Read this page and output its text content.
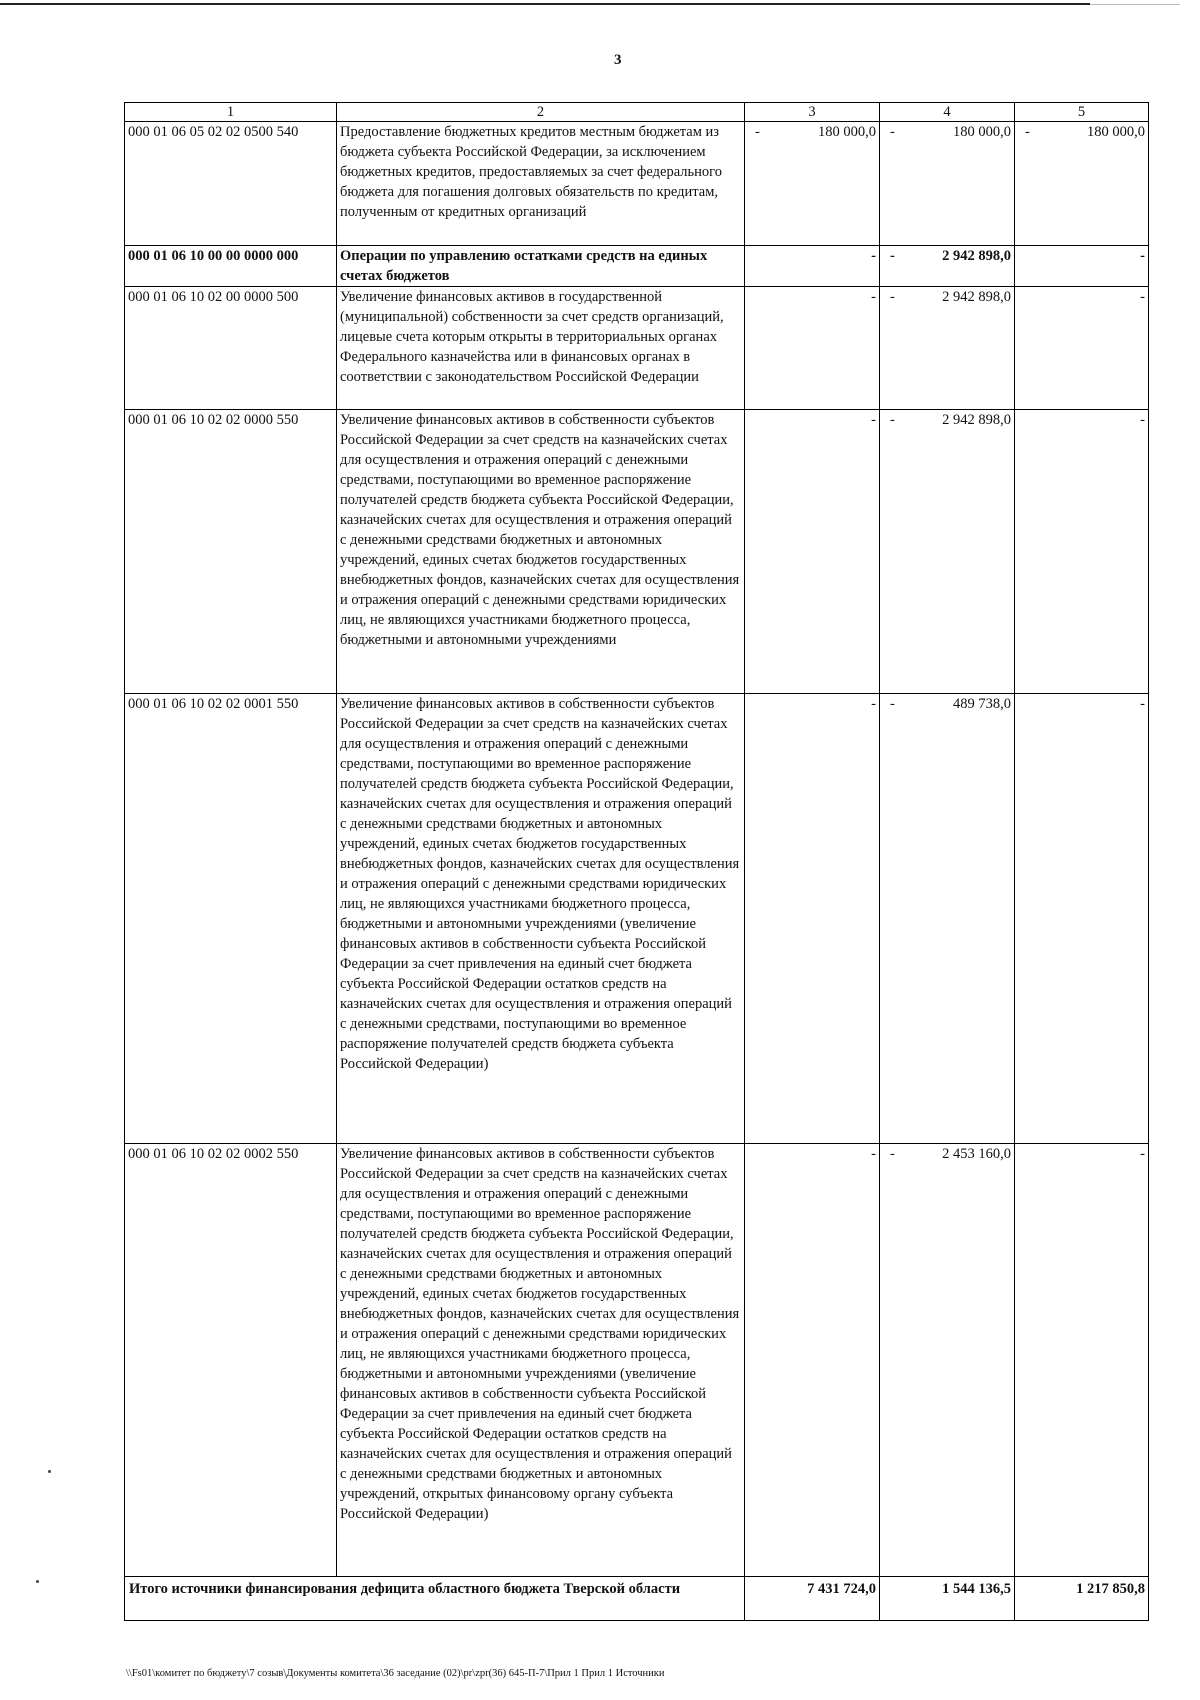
3
1	2	3	4	5
000 01 06 05 02 02 0500 540	Предоставление бюджетных кредитов местным бюджетам из бюджета субъекта Российской Федерации, за исключением бюджетных кредитов, предоставляемых за счет федерального бюджета для погашения долговых обязательств по кредитам, полученным от кредитных организаций	- 180 000,0	- 180 000,0	- 180 000,0
000 01 06 10 00 00 0000 000	Операции по управлению остатками средств на единых счетах бюджетов	-	- 2 942 898,0	-
000 01 06 10 02 00 0000 500	Увеличение финансовых активов в государственной (муниципальной) собственности за счет средств организаций, лицевые счета которым открыты в территориальных органах Федерального казначейства или в финансовых органах в соответствии с законодательством Российской Федерации	-	- 2 942 898,0	-
000 01 06 10 02 02 0000 550	Увеличение финансовых активов в собственности субъектов Российской Федерации за счет средств на казначейских счетах для осуществления и отражения операций с денежными средствами, поступающими во временное распоряжение получателей средств бюджета субъекта Российской Федерации, казначейских счетах для осуществления и отражения операций с денежными средствами бюджетных и автономных учреждений, единых счетах бюджетов государственных внебюджетных фондов, казначейских счетах для осуществления и отражения операций с денежными средствами юридических лиц, не являющихся участниками бюджетного процесса, бюджетными и автономными учреждениями	-	- 2 942 898,0	-
000 01 06 10 02 02 0001 550	Увеличение финансовых активов в собственности субъектов Российской Федерации за счет средств на казначейских счетах для осуществления и отражения операций с денежными средствами, поступающими во временное распоряжение получателей средств бюджета субъекта Российской Федерации, казначейских счетах для осуществления и отражения операций с денежными средствами бюджетных и автономных учреждений, единых счетах бюджетов государственных внебюджетных фондов, казначейских счетах для осуществления и отражения операций с денежными средствами юридических лиц, не являющихся участниками бюджетного процесса, бюджетными и автономными учреждениями (увеличение финансовых активов в собственности субъекта Российской Федерации за счет привлечения на единый счет бюджета субъекта Российской Федерации остатков средств на казначейских счетах для осуществления и отражения операций с денежными средствами, поступающими во временное распоряжение получателей средств бюджета субъекта Российской Федерации)	-	- 489 738,0	-
000 01 06 10 02 02 0002 550	Увеличение финансовых активов в собственности субъектов Российской Федерации за счет средств на казначейских счетах для осуществления и отражения операций с денежными средствами, поступающими во временное распоряжение получателей средств бюджета субъекта Российской Федерации, казначейских счетах для осуществления и отражения операций с денежными средствами бюджетных и автономных учреждений, единых счетах бюджетов государственных внебюджетных фондов, казначейских счетах для осуществления и отражения операций с денежными средствами юридических лиц, не являющихся участниками бюджетного процесса, бюджетными и автономными учреждениями (увеличение финансовых активов в собственности субъекта Российской Федерации за счет привлечения на единый счет бюджета субъекта Российской Федерации остатков средств на казначейских счетах для осуществления и отражения операций с денежными средствами бюджетных и автономных учреждений, открытых финансовому органу субъекта Российской Федерации)	-	- 2 453 160,0	-
Итого источники финансирования дефицита областного бюджета Тверской области		7 431 724,0	1 544 136,5	1 217 850,8
\\Fs01\комитет по бюджету\7 созыв\Документы комитета\36 заседание (02)\pr\zpr(36) 645-П-7\Прил 1 Прил 1 Источники
